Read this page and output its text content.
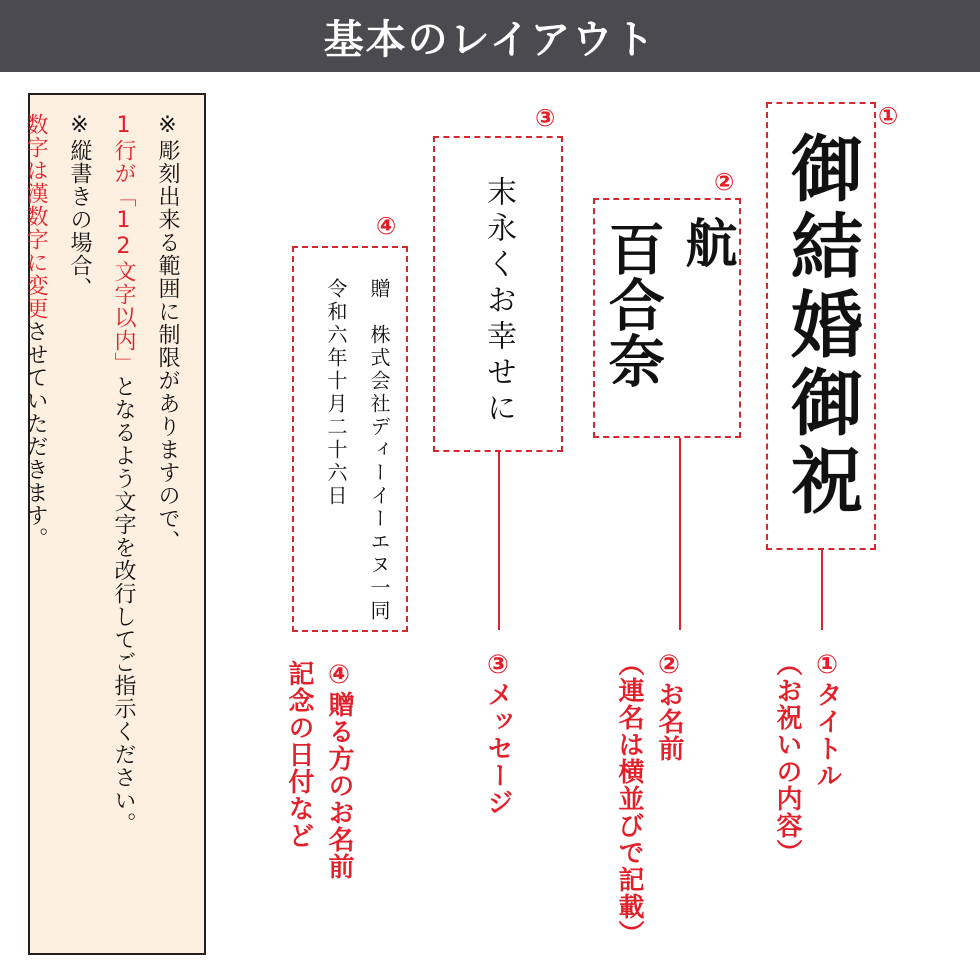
基本のレイアウト
※彫刻出来る範囲に制限がありますので、
1行が「12文字以内」となるよう文字を改行してご指示ください。
※縦書きの場合、
数字は漢数字に変更させていただきます。	御結婚御祝
①
①タイトル
（お祝いの内容）
航
百合奈
②
②お名前
（連名は横並びで記載）
末永くお幸せに
③
③メッセージ
贈　株式会社ディーイーエヌ一同
令和六年十月二十六日
④
④贈る方のお名前
記念の日付など
